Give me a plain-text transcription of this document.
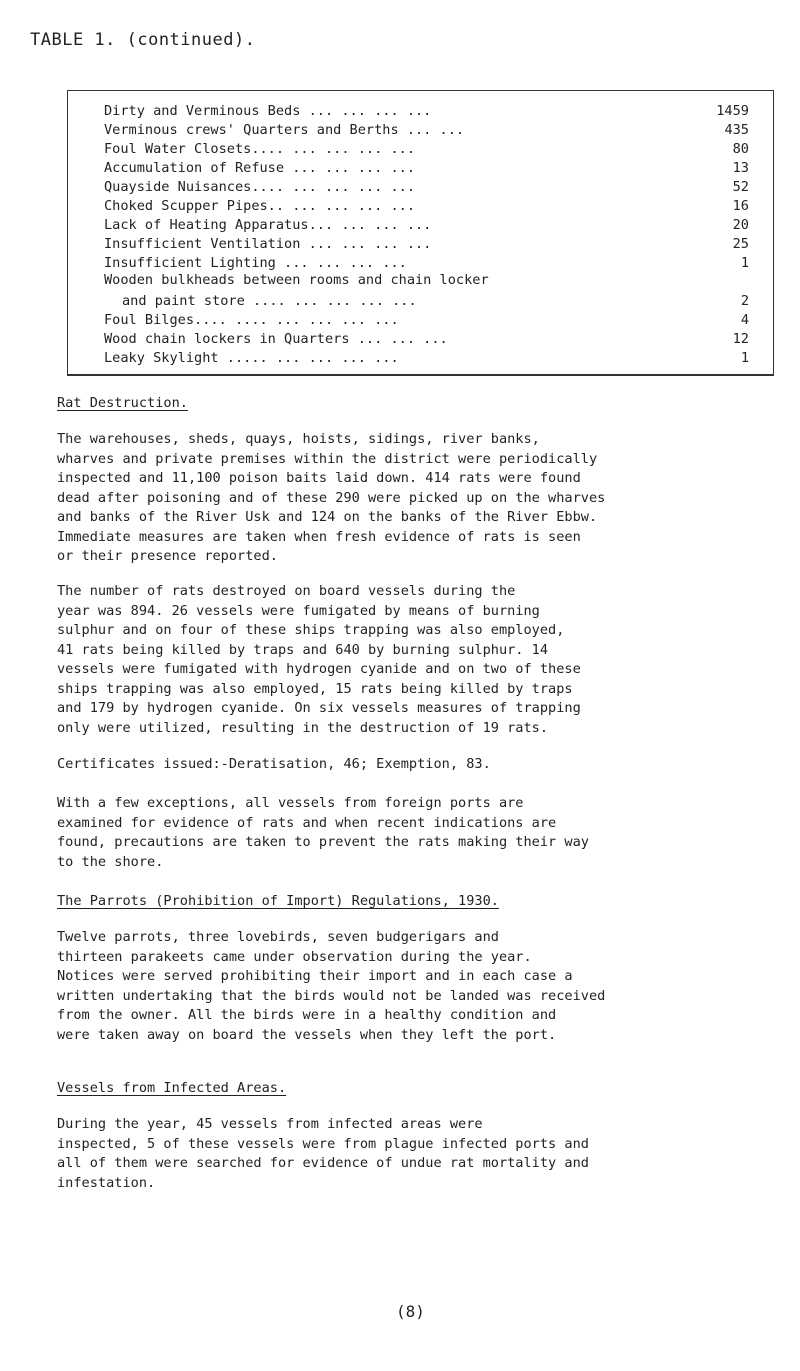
TABLE 1. (continued).
Dirty and Verminous Beds ... ... ... ...	1459
Verminous crews' Quarters and Berths ... ...	435
Foul Water Closets.... ... ... ... ...	80
Accumulation of Refuse ... ... ... ...	13
Quayside Nuisances.... ... ... ... ...	52
Choked Scupper Pipes.. ... ... ... ...	16
Lack of Heating Apparatus... ... ... ...	20
Insufficient Ventilation ... ... ... ...	25
Insufficient Lighting ... ... ... ...	1
Wooden bulkheads between rooms and chain locker
and paint store .... ... ... ... ...	2
Foul Bilges.... .... ... ... ... ...	4
Wood chain lockers in Quarters ... ... ...	12
Leaky Skylight ..... ... ... ... ...	1
Rat Destruction.

The warehouses, sheds, quays, hoists, sidings, river banks,
wharves and private premises within the district were periodically
inspected and 11,100 poison baits laid down. 414 rats were found
dead after poisoning and of these 290 were picked up on the wharves
and banks of the River Usk and 124 on the banks of the River Ebbw.
Immediate measures are taken when fresh evidence of rats is seen
or their presence reported.

The number of rats destroyed on board vessels during the
year was 894. 26 vessels were fumigated by means of burning
sulphur and on four of these ships trapping was also employed,
41 rats being killed by traps and 640 by burning sulphur. 14
vessels were fumigated with hydrogen cyanide and on two of these
ships trapping was also employed, 15 rats being killed by traps
and 179 by hydrogen cyanide. On six vessels measures of trapping
only were utilized, resulting in the destruction of 19 rats.

Certificates issued:-Deratisation, 46; Exemption, 83.

With a few exceptions, all vessels from foreign ports are
examined for evidence of rats and when recent indications are
found, precautions are taken to prevent the rats making their way
to the shore.

The Parrots (Prohibition of Import) Regulations, 1930.

Twelve parrots, three lovebirds, seven budgerigars and
thirteen parakeets came under observation during the year.
Notices were served prohibiting their import and in each case a
written undertaking that the birds would not be landed was received
from the owner. All the birds were in a healthy condition and
were taken away on board the vessels when they left the port.

Vessels from Infected Areas.

During the year, 45 vessels from infected areas were
inspected, 5 of these vessels were from plague infected ports and
all of them were searched for evidence of undue rat mortality and
infestation.

(8)
